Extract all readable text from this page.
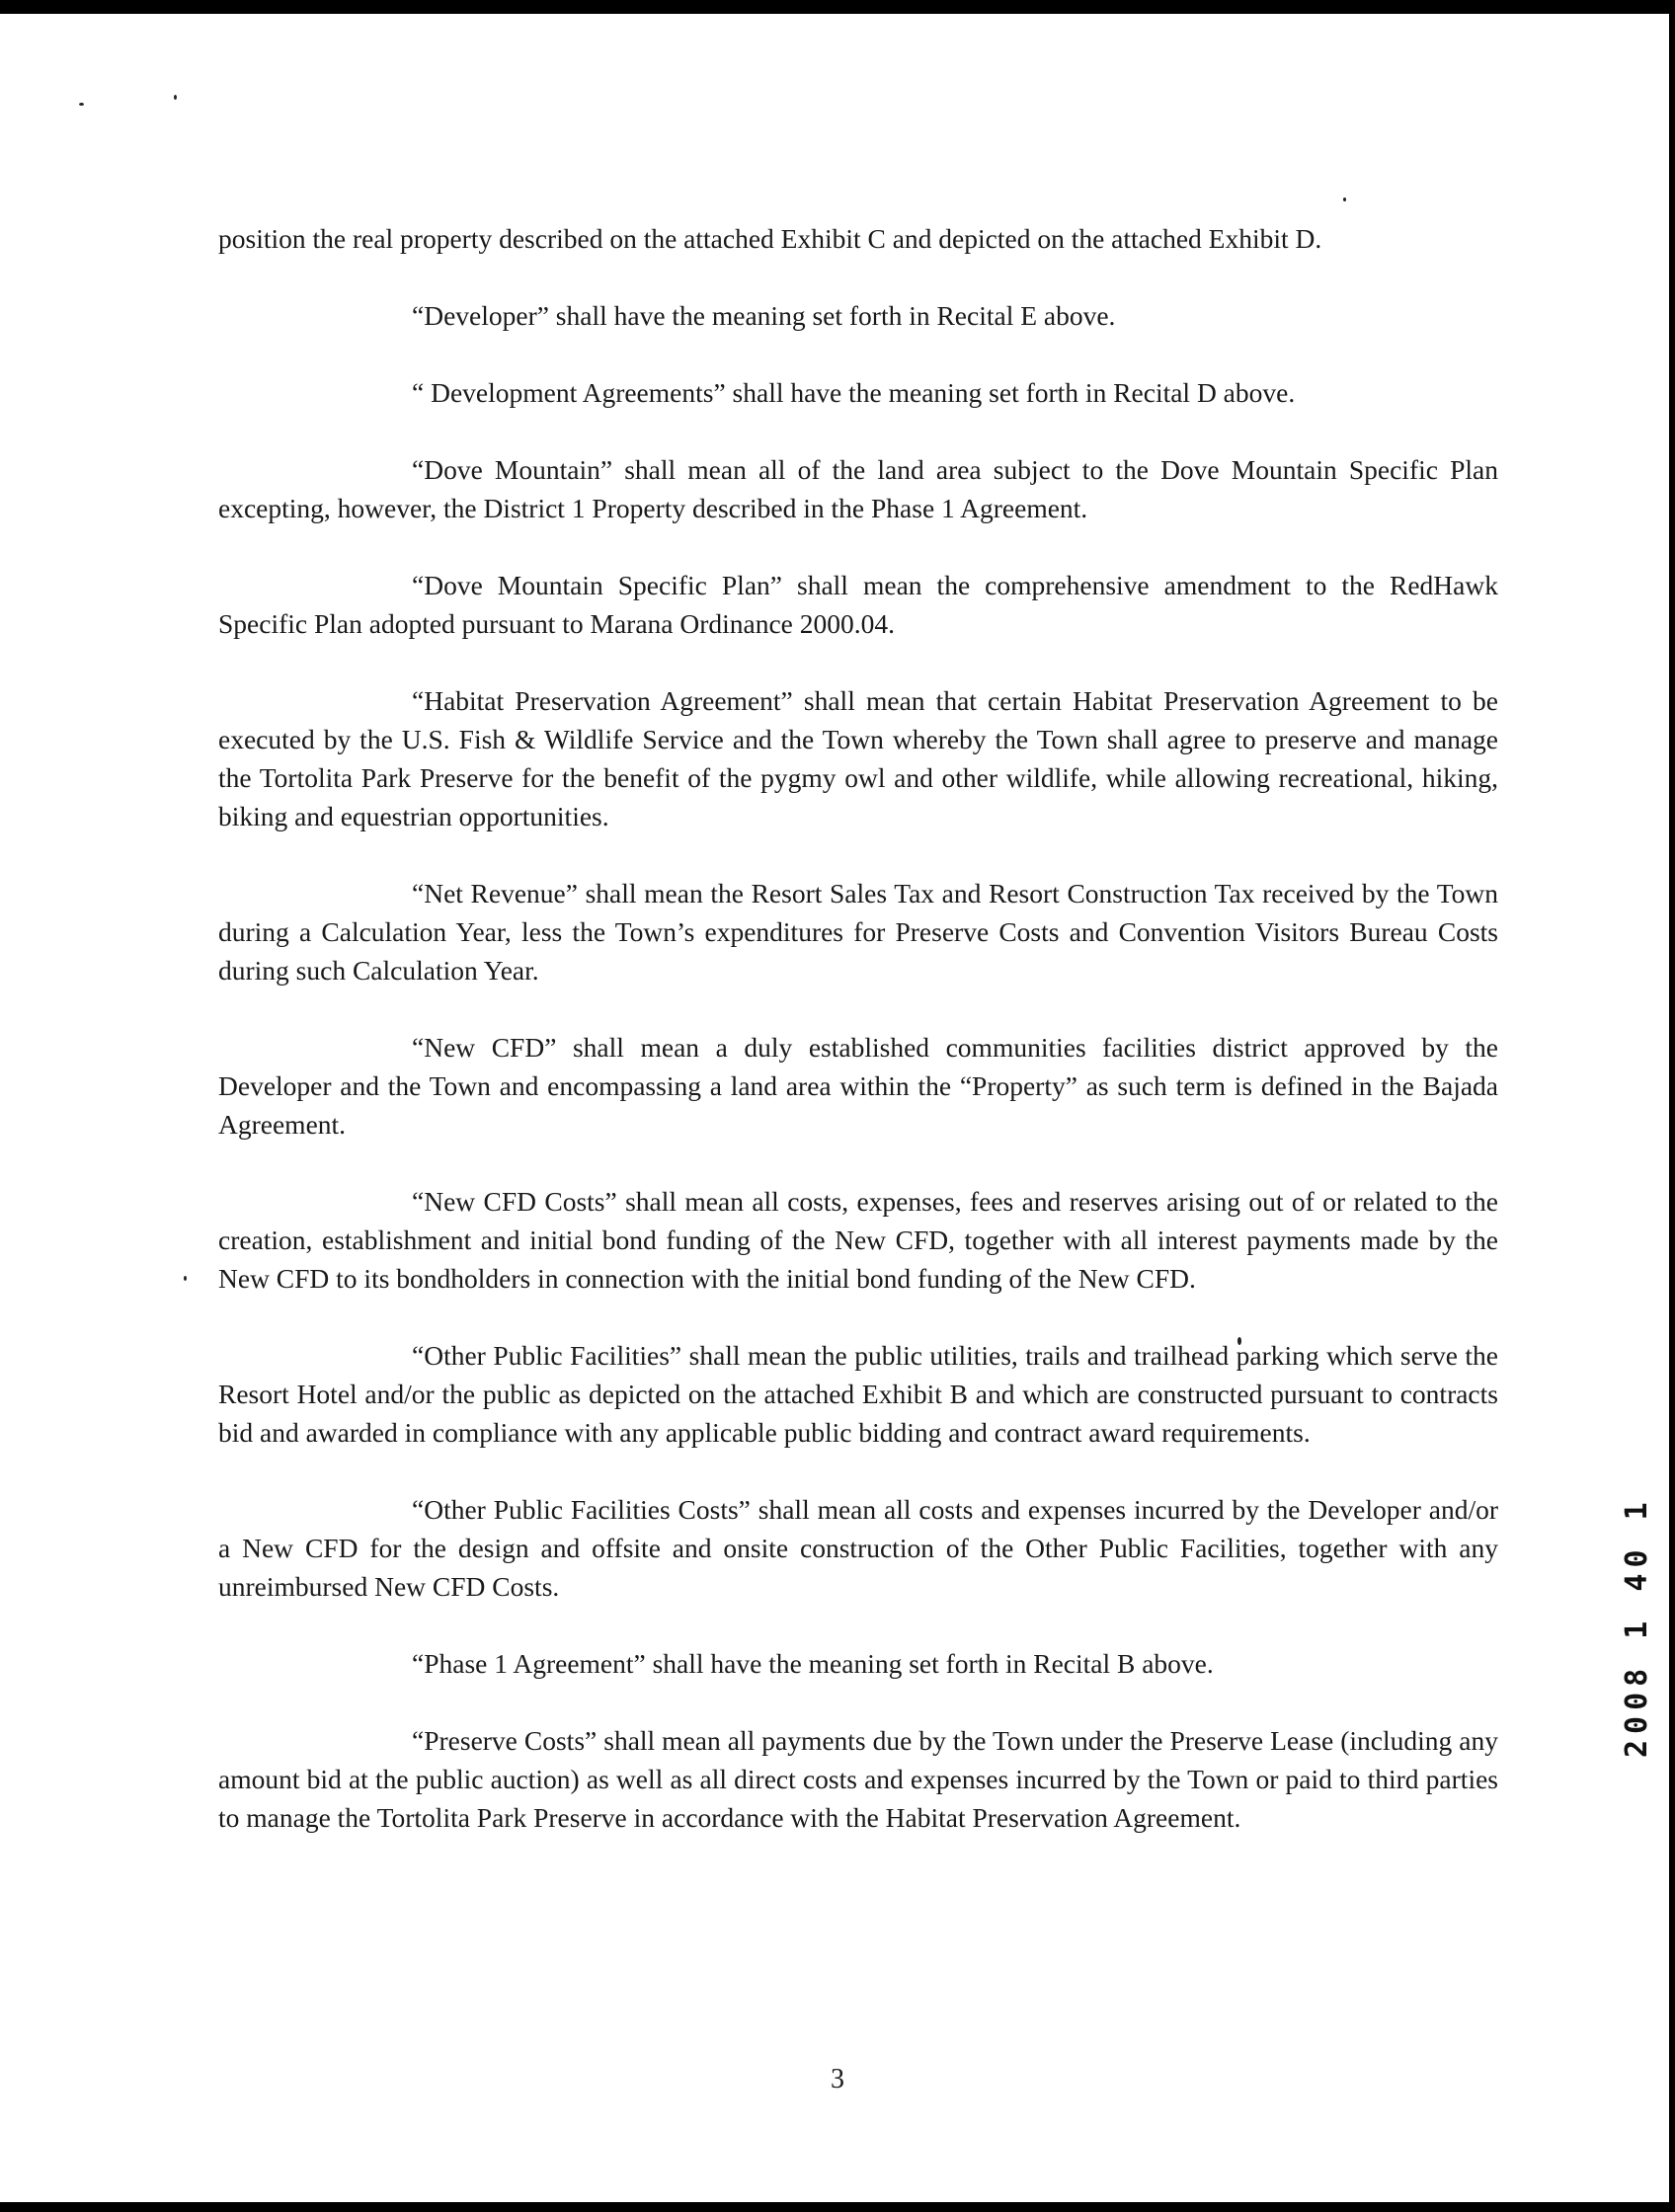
position the real property described on the attached Exhibit C and depicted on the attached Exhibit D.

“Developer” shall have the meaning set forth in Recital E above.

“ Development Agreements” shall have the meaning set forth in Recital D above.

“Dove Mountain” shall mean all of the land area subject to the Dove Mountain Specific Plan excepting, however, the District 1 Property described in the Phase 1 Agreement.

“Dove Mountain Specific Plan” shall mean the comprehensive amendment to the RedHawk Specific Plan adopted pursuant to Marana Ordinance 2000.04.

“Habitat Preservation Agreement” shall mean that certain Habitat Preservation Agreement to be executed by the U.S. Fish & Wildlife Service and the Town whereby the Town shall agree to preserve and manage the Tortolita Park Preserve for the benefit of the pygmy owl and other wildlife, while allowing recreational, hiking, biking and equestrian opportunities.

“Net Revenue” shall mean the Resort Sales Tax and Resort Construction Tax received by the Town during a Calculation Year, less the Town’s expenditures for Preserve Costs and Convention Visitors Bureau Costs during such Calculation Year.

“New CFD” shall mean a duly established communities facilities district approved by the Developer and the Town and encompassing a land area within the “Property” as such term is defined in the Bajada Agreement.

“New CFD Costs” shall mean all costs, expenses, fees and reserves arising out of or related to the creation, establishment and initial bond funding of the New CFD, together with all interest payments made by the New CFD to its bondholders in connection with the initial bond funding of the New CFD.

“Other Public Facilities” shall mean the public utilities, trails and trailhead parking which serve the Resort Hotel and/or the public as depicted on the attached Exhibit B and which are constructed pursuant to contracts bid and awarded in compliance with any applicable public bidding and contract award requirements.

“Other Public Facilities Costs” shall mean all costs and expenses incurred by the Developer and/or a New CFD for the design and offsite and onsite construction of the Other Public Facilities, together with any unreimbursed New CFD Costs.

“Phase 1 Agreement” shall have the meaning set forth in Recital B above.

“Preserve Costs” shall mean all payments due by the Town under the Preserve Lease (including any amount bid at the public auction) as well as all direct costs and expenses incurred by the Town or paid to third parties to manage the Tortolita Park Preserve in accordance with the Habitat Preservation Agreement.

2008 1 40 1
3
